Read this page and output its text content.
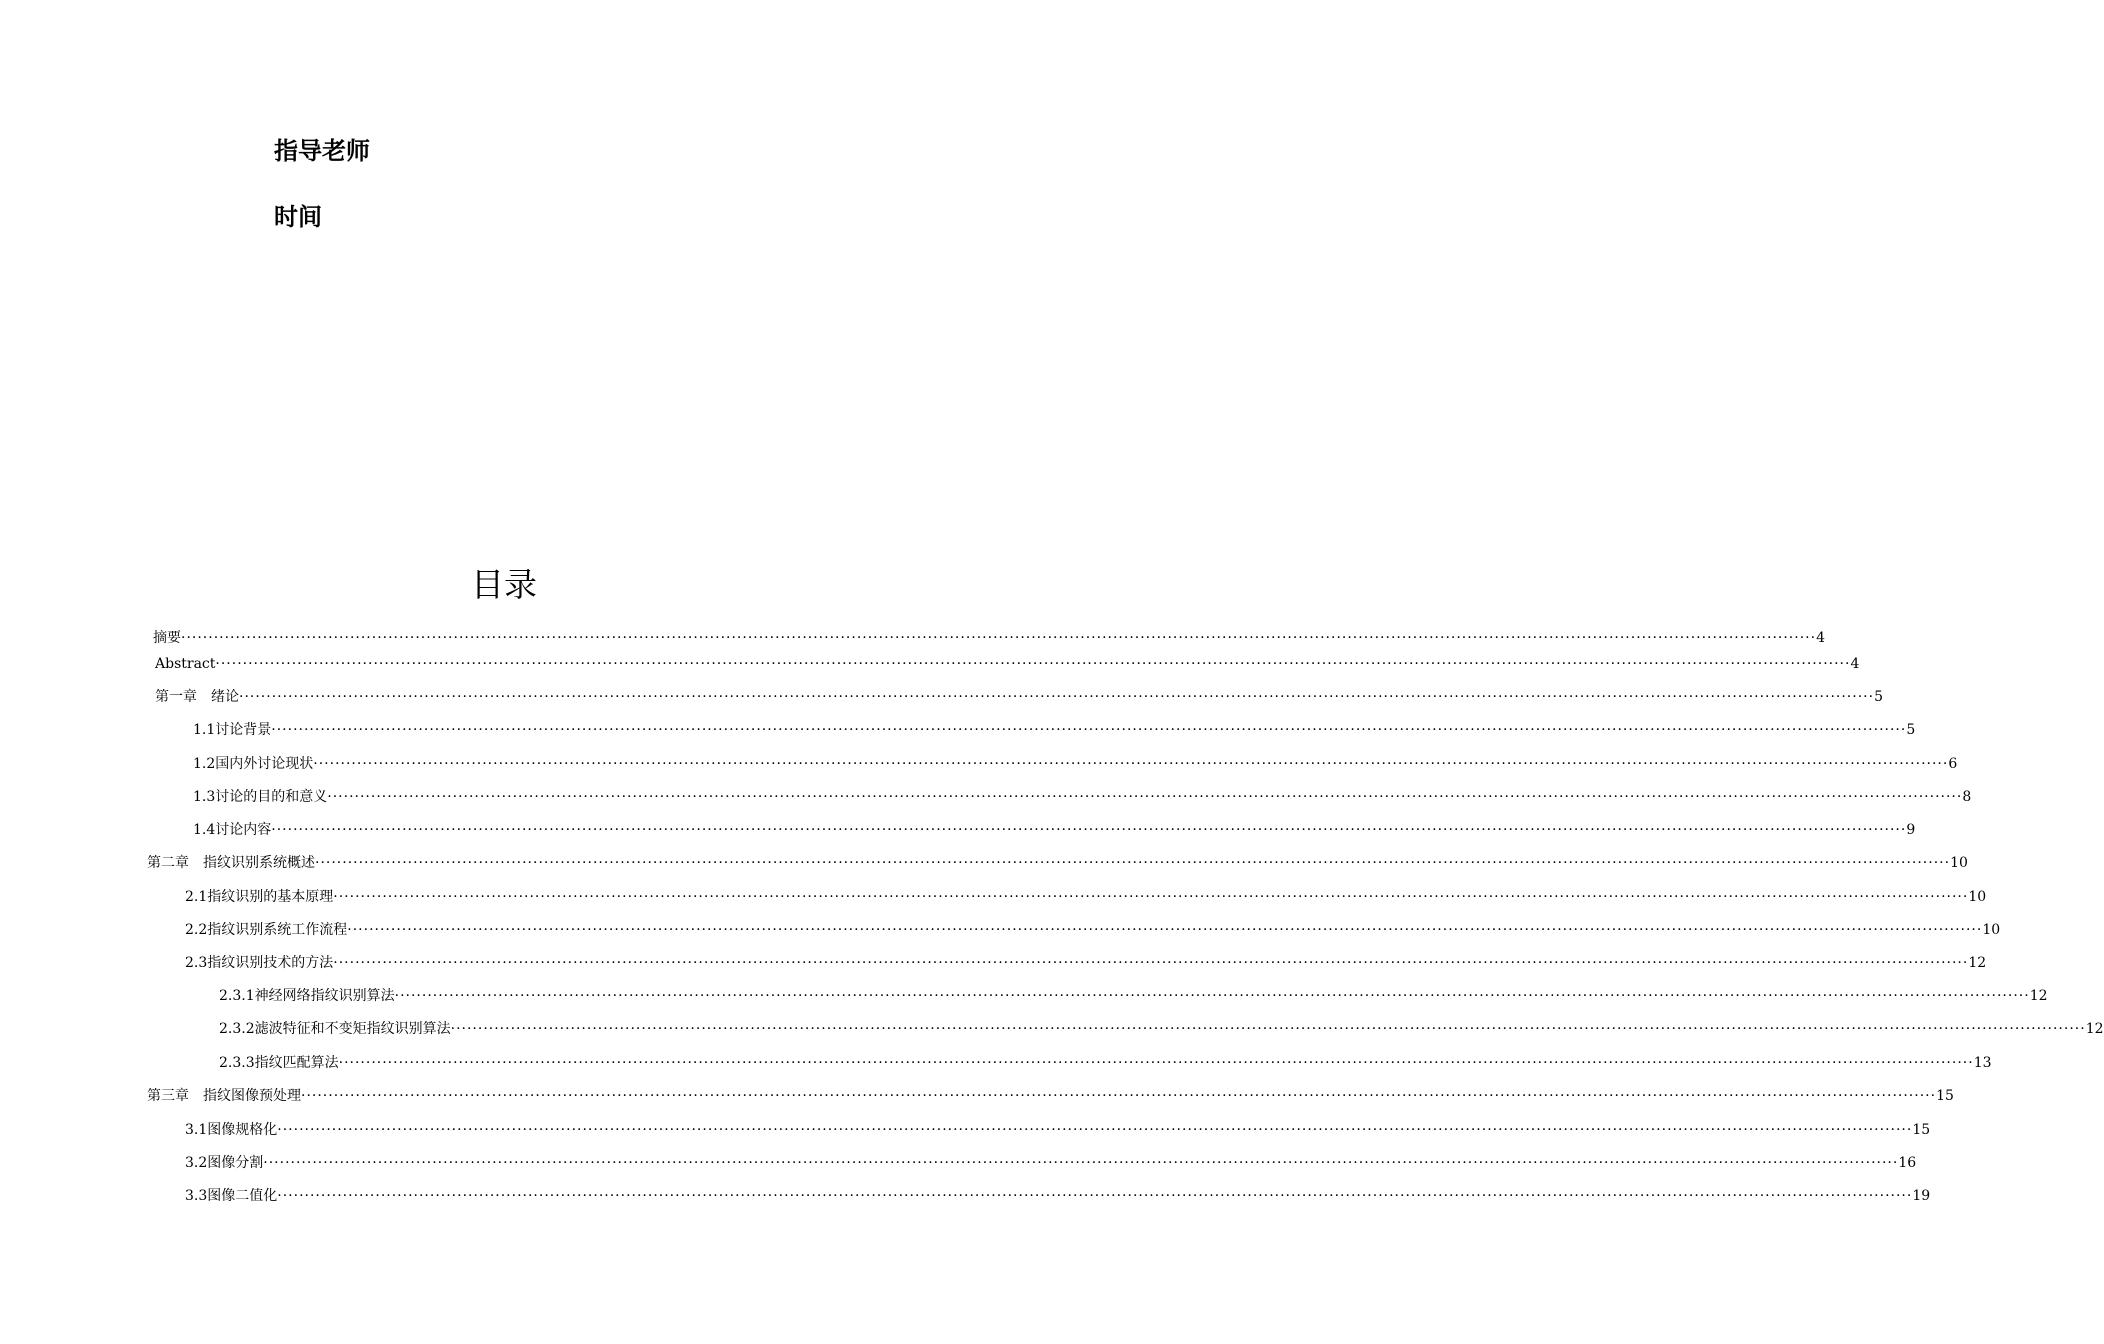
指导老师
时间
目录
摘要 ············································································································································································································································································································ 4
Abstract ············································································································································································································································································································ 4
第一章　绪论 ············································································································································································································································································································ 5
1.1讨论背景 ············································································································································································································································································································ 5
1.2国内外讨论现状 ············································································································································································································································································································ 6
1.3讨论的目的和意义 ············································································································································································································································································································ 8
1.4讨论内容 ············································································································································································································································································································ 9
第二章　指纹识别系统概述 ············································································································································································································································································································ 10
2.1指纹识别的基本原理 ············································································································································································································································································································ 10
2.2指纹识别系统工作流程 ············································································································································································································································································································ 10
2.3指纹识别技术的方法 ············································································································································································································································································································ 12
2.3.1神经网络指纹识别算法 ············································································································································································································································································································ 12
2.3.2滤波特征和不变矩指纹识别算法 ············································································································································································································································································································ 12
2.3.3指纹匹配算法 ············································································································································································································································································································ 13
第三章　指纹图像预处理 ············································································································································································································································································································ 15
3.1图像规格化 ············································································································································································································································································································ 15
3.2图像分割 ············································································································································································································································································································ 16
3.3图像二值化 ············································································································································································································································································································ 19
